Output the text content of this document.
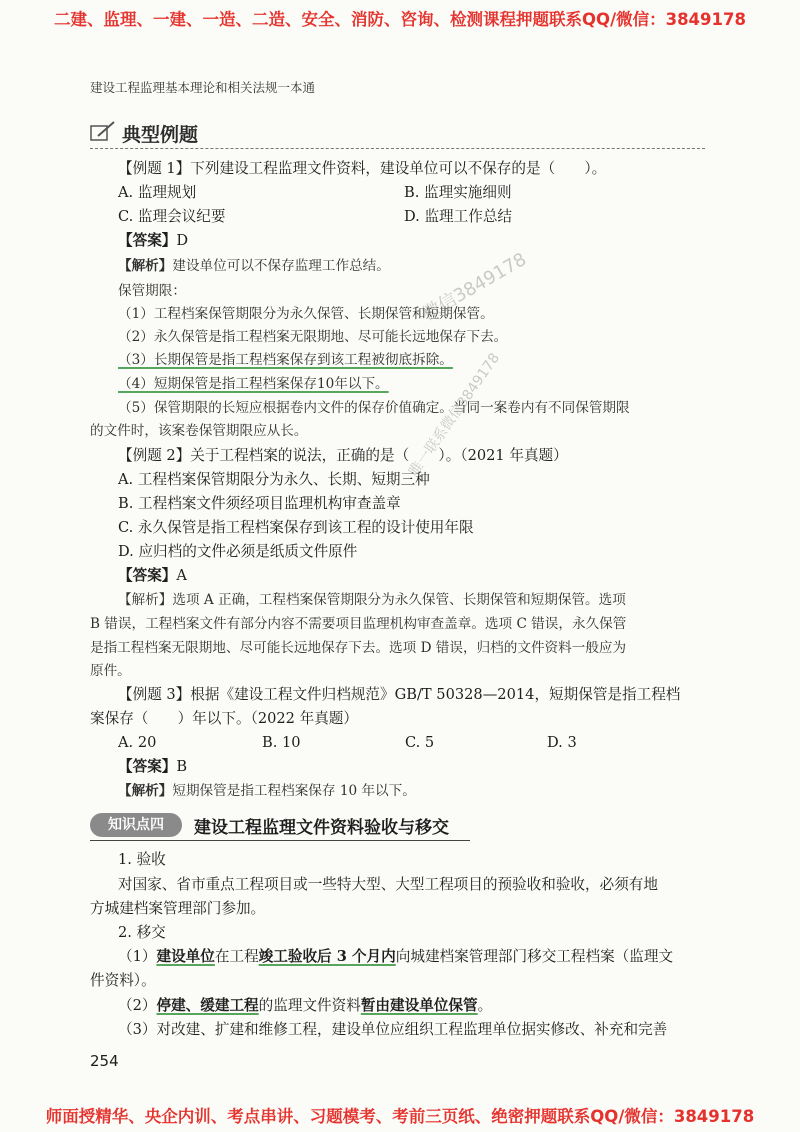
二建、监理、一建、一造、二造、安全、消防、咨询、检测课程押题联系QQ/微信：3849178
建设工程监理基本理论和相关法规一本通
典型例题
【例题 1】下列建设工程监理文件资料，建设单位可以不保存的是（　　）。
A. 监理规划	B. 监理实施细则
C. 监理会议纪要	D. 监理工作总结
【答案】D
【解析】建设单位可以不保存监理工作总结。
保管期限：
（1）工程档案保管期限分为永久保管、长期保管和短期保管。
（2）永久保管是指工程档案无限期地、尽可能长远地保存下去。
（3）长期保管是指工程档案保存到该工程被彻底拆除。
（4）短期保管是指工程档案保存10年以下。
（5）保管期限的长短应根据卷内文件的保存价值确定。当同一案卷内有不同保管期限
的文件时，该案卷保管期限应从长。
【例题 2】关于工程档案的说法，正确的是（　　）。（2021 年真题）
A. 工程档案保管期限分为永久、长期、短期三种
B. 工程档案文件须经项目监理机构审查盖章
C. 永久保管是指工程档案保存到该工程的设计使用年限
D. 应归档的文件必须是纸质文件原件
【答案】A
【解析】选项 A 正确，工程档案保管期限分为永久保管、长期保管和短期保管。选项
B 错误，工程档案文件有部分内容不需要项目监理机构审查盖章。选项 C 错误，永久保管
是指工程档案无限期地、尽可能长远地保存下去。选项 D 错误，归档的文件资料一般应为
原件。
【例题 3】根据《建设工程文件归档规范》GB/T 50328—2014，短期保管是指工程档
案保存（　　）年以下。（2022 年真题）
A. 20	B. 10	C. 5	D. 3
【答案】B
【解析】短期保管是指工程档案保存 10 年以下。
知识点四	建设工程监理文件资料验收与移交
1. 验收
对国家、省市重点工程项目或一些特大型、大型工程项目的预验收和验收，必须有地
方城建档案管理部门参加。
2. 移交
（1）建设单位在工程竣工验收后 3 个月内向城建档案管理部门移交工程档案（监理文
件资料）。
（2）停建、缓建工程的监理文件资料暂由建设单位保管。
（3）对改建、扩建和维修工程，建设单位应组织工程监理单位据实修改、补充和完善
254
微信3849178
唯一联系微信3849178
师面授精华、央企内训、考点串讲、习题模考、考前三页纸、绝密押题联系QQ/微信：3849178
